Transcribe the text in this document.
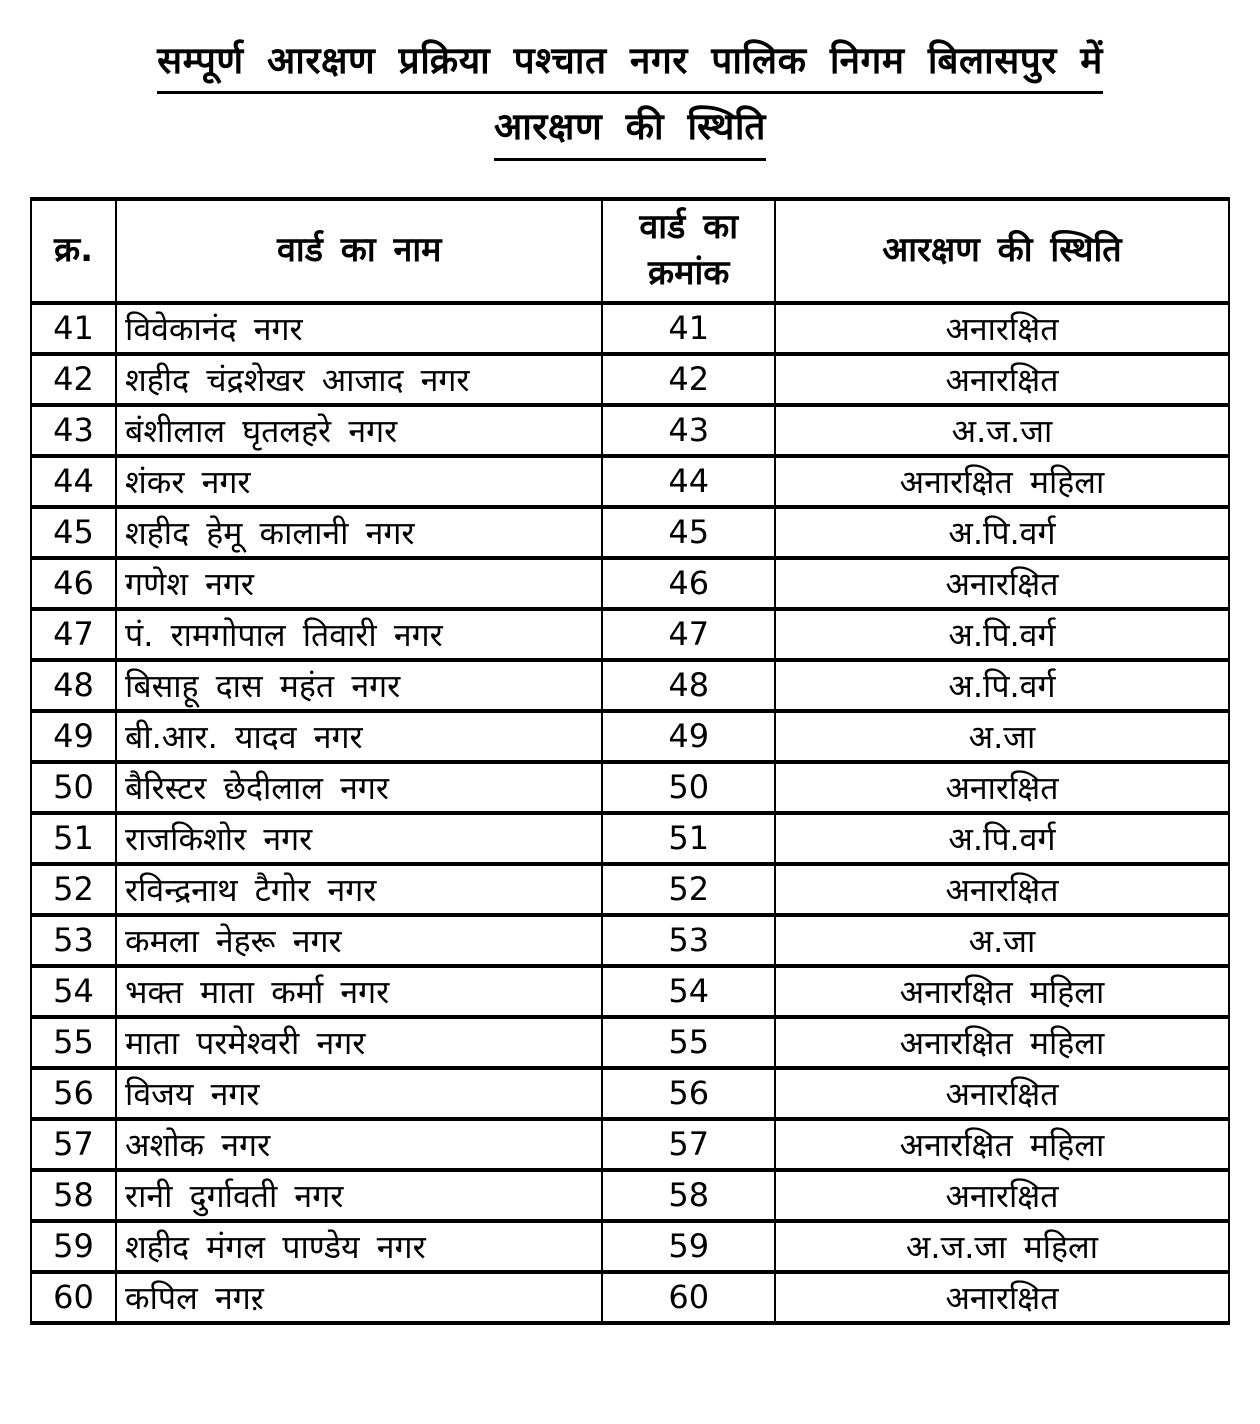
सम्पूर्ण आरक्षण प्रक्रिया पश्चात नगर पालिक निगम बिलासपुर में
आरक्षण की स्थिति
क्र.	वार्ड का नाम	वार्ड का क्रमांक	आरक्षण की स्थिति
41	विवेकानंद नगर	41	अनारक्षित
42	शहीद चंद्रशेखर आजाद नगर	42	अनारक्षित
43	बंशीलाल घृतलहरे नगर	43	अ.ज.जा
44	शंकर नगर	44	अनारक्षित महिला
45	शहीद हेमू कालानी नगर	45	अ.पि.वर्ग
46	गणेश नगर	46	अनारक्षित
47	पं. रामगोपाल तिवारी नगर	47	अ.पि.वर्ग
48	बिसाहू दास महंत नगर	48	अ.पि.वर्ग
49	बी.आर. यादव नगर	49	अ.जा
50	बैरिस्टर छेदीलाल नगर	50	अनारक्षित
51	राजकिशोर नगर	51	अ.पि.वर्ग
52	रविन्द्रनाथ टैगोर नगर	52	अनारक्षित
53	कमला नेहरू नगर	53	अ.जा
54	भक्त माता कर्मा नगर	54	अनारक्षित महिला
55	माता परमेश्वरी नगर	55	अनारक्षित महिला
56	विजय नगर	56	अनारक्षित
57	अशोक नगर	57	अनारक्षित महिला
58	रानी दुर्गावती नगर	58	अनारक्षित
59	शहीद मंगल पाण्डेय नगर	59	अ.ज.जा महिला
60	कपिल नगऱ	60	अनारक्षित
